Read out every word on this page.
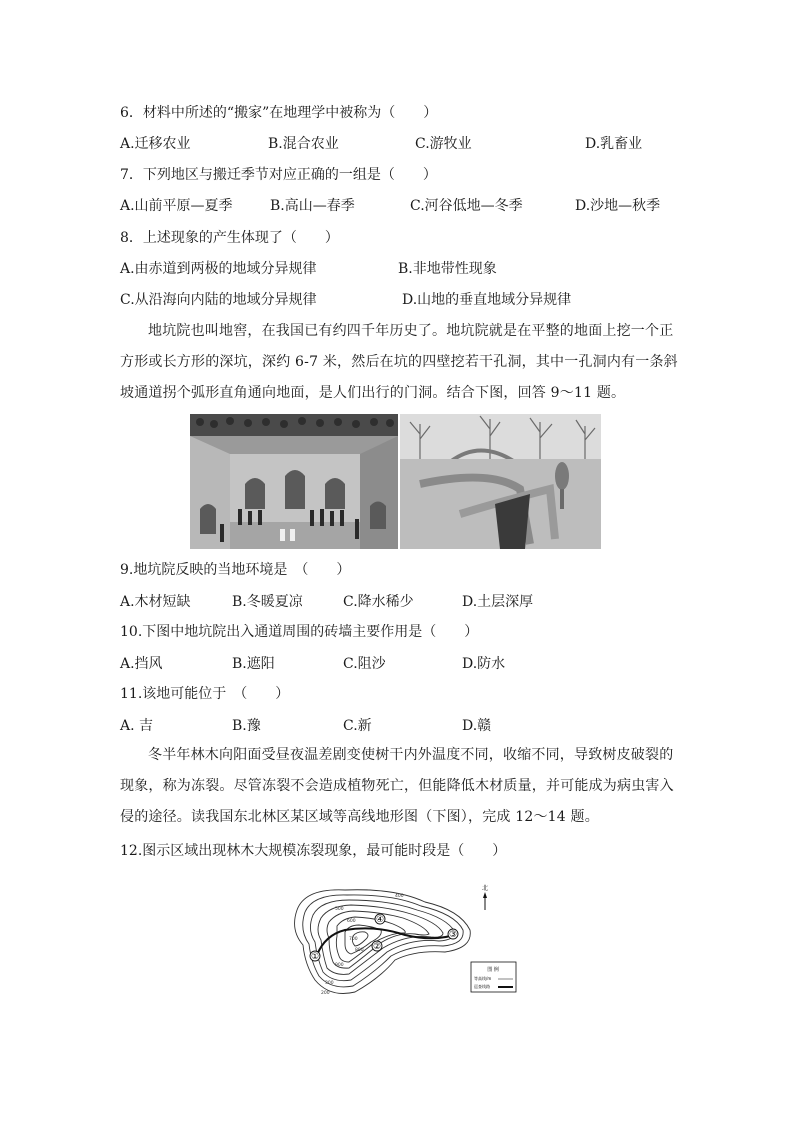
6．材料中所述的“搬家”在地理学中被称为（　　）
A.迁移农业	B.混合农业	C.游牧业	D.乳畜业
7．下列地区与搬迁季节对应正确的一组是（　　）
A.山前平原—夏季	B.高山—春季	C.河谷低地—冬季	D.沙地—秋季
8．上述现象的产生体现了（　　）
A.由赤道到两极的地域分异规律	B.非地带性现象
C.从沿海向内陆的地域分异规律	D.山地的垂直地域分异规律
地坑院也叫地窖，在我国已有约四千年历史了。地坑院就是在平整的地面上挖一个正方形或长方形的深坑，深约 6-7 米，然后在坑的四壁挖若干孔洞，其中一孔洞内有一条斜坡通道拐个弧形直角通向地面，是人们出行的门洞。结合下图，回答 9～11 题。
9.地坑院反映的当地环境是　（　　）
A.木材短缺	B.冬暖夏凉	C.降水稀少	D.土层深厚
10.下图中地坑院出入通道周围的砖墙主要作用是（　　）
A.挡风	B.遮阳	C.阻沙	D.防水
11.该地可能位于　（　　）
A. 吉	B.豫	C.新	D.赣
冬半年林木向阳面受昼夜温差剧变使树干内外温度不同，收缩不同，导致树皮破裂的现象，称为冻裂。尽管冻裂不会造成植物死亡，但能降低木材质量，并可能成为病虫害入侵的途径。读我国东北林区某区域等高线地形图（下图），完成 12～14 题。
12.图示区域出现林木大规模冻裂现象，最可能时段是（　　）
①
②
③
④
400
500
600
700
800
900
300
200
北
图 例
等高线/m
巡查线路
